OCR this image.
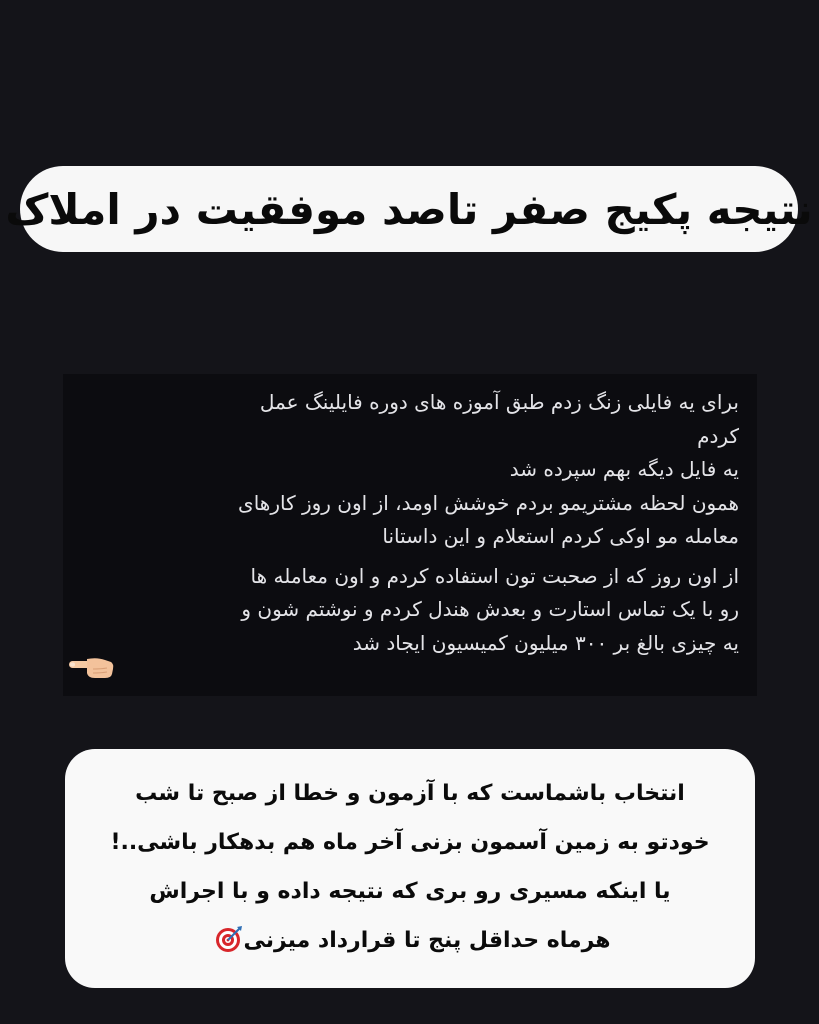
نتیجه پکیج صفر تاصد موفقیت در املاک
برای یه فایلی زنگ زدم طبق آموزه های دوره فایلینگ عمل
کردم
یه فایل دیگه بهم سپرده شد
همون لحظه مشتریمو بردم خوشش اومد، از اون روز کارهای
معامله مو اوکی کردم استعلام و این داستانا
از اون روز که از صحبت تون استفاده کردم و اون معامله ها
رو با یک تماس استارت و بعدش هندل کردم و نوشتم شون و
یه چیزی بالغ بر ۳۰۰ میلیون کمیسیون ایجاد شد
انتخاب باشماست که با آزمون و خطا از صبح تا شب
خودتو به زمین آسمون بزنی آخر ماه هم بدهکار باشی..!
یا اینکه مسیری رو بری که نتیجه داده و با اجراش
هرماه حداقل پنج تا قرارداد میزنی
